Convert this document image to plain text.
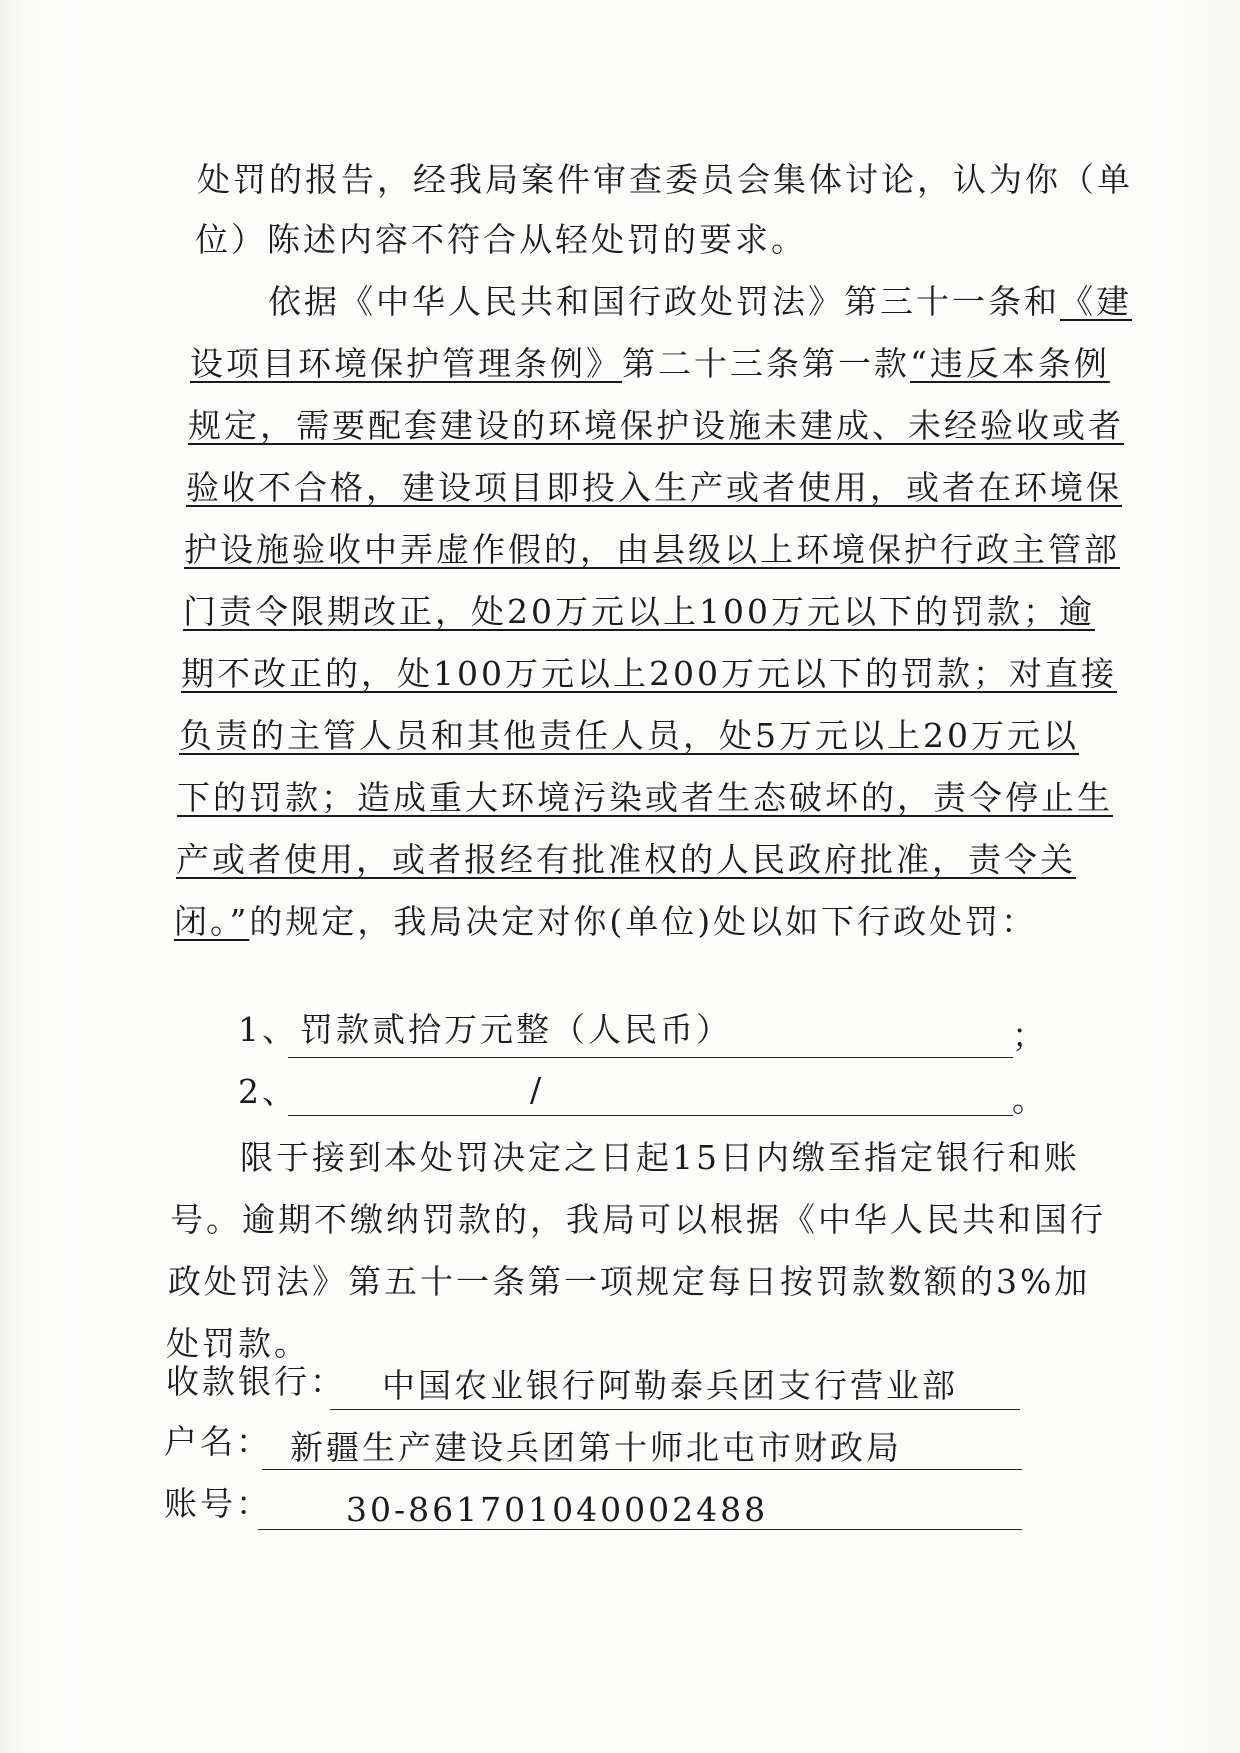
处罚的报告，经我局案件审查委员会集体讨论，认为你（单
位）陈述内容不符合从轻处罚的要求。
依据《中华人民共和国行政处罚法》第三十一条和《建
设项目环境保护管理条例》第二十三条第一款“违反本条例
规定，需要配套建设的环境保护设施未建成、未经验收或者
验收不合格，建设项目即投入生产或者使用，或者在环境保
护设施验收中弄虚作假的，由县级以上环境保护行政主管部
门责令限期改正，处20万元以上100万元以下的罚款；逾
期不改正的，处100万元以上200万元以下的罚款；对直接
负责的主管人员和其他责任人员，处5万元以上20万元以
下的罚款；造成重大环境污染或者生态破坏的，责令停止生
产或者使用，或者报经有批准权的人民政府批准，责令关
闭。”的规定，我局决定对你(单位)处以如下行政处罚：
1、 罚款贰拾万元整（人民币）	；
2、	/	。
限于接到本处罚决定之日起15日内缴至指定银行和账
号。逾期不缴纳罚款的，我局可以根据《中华人民共和国行
政处罚法》第五十一条第一项规定每日按罚款数额的3%加
处罚款。
收款银行： 中国农业银行阿勒泰兵团支行营业部
户名： 新疆生产建设兵团第十师北屯市财政局
账号： 30-861701040002488
